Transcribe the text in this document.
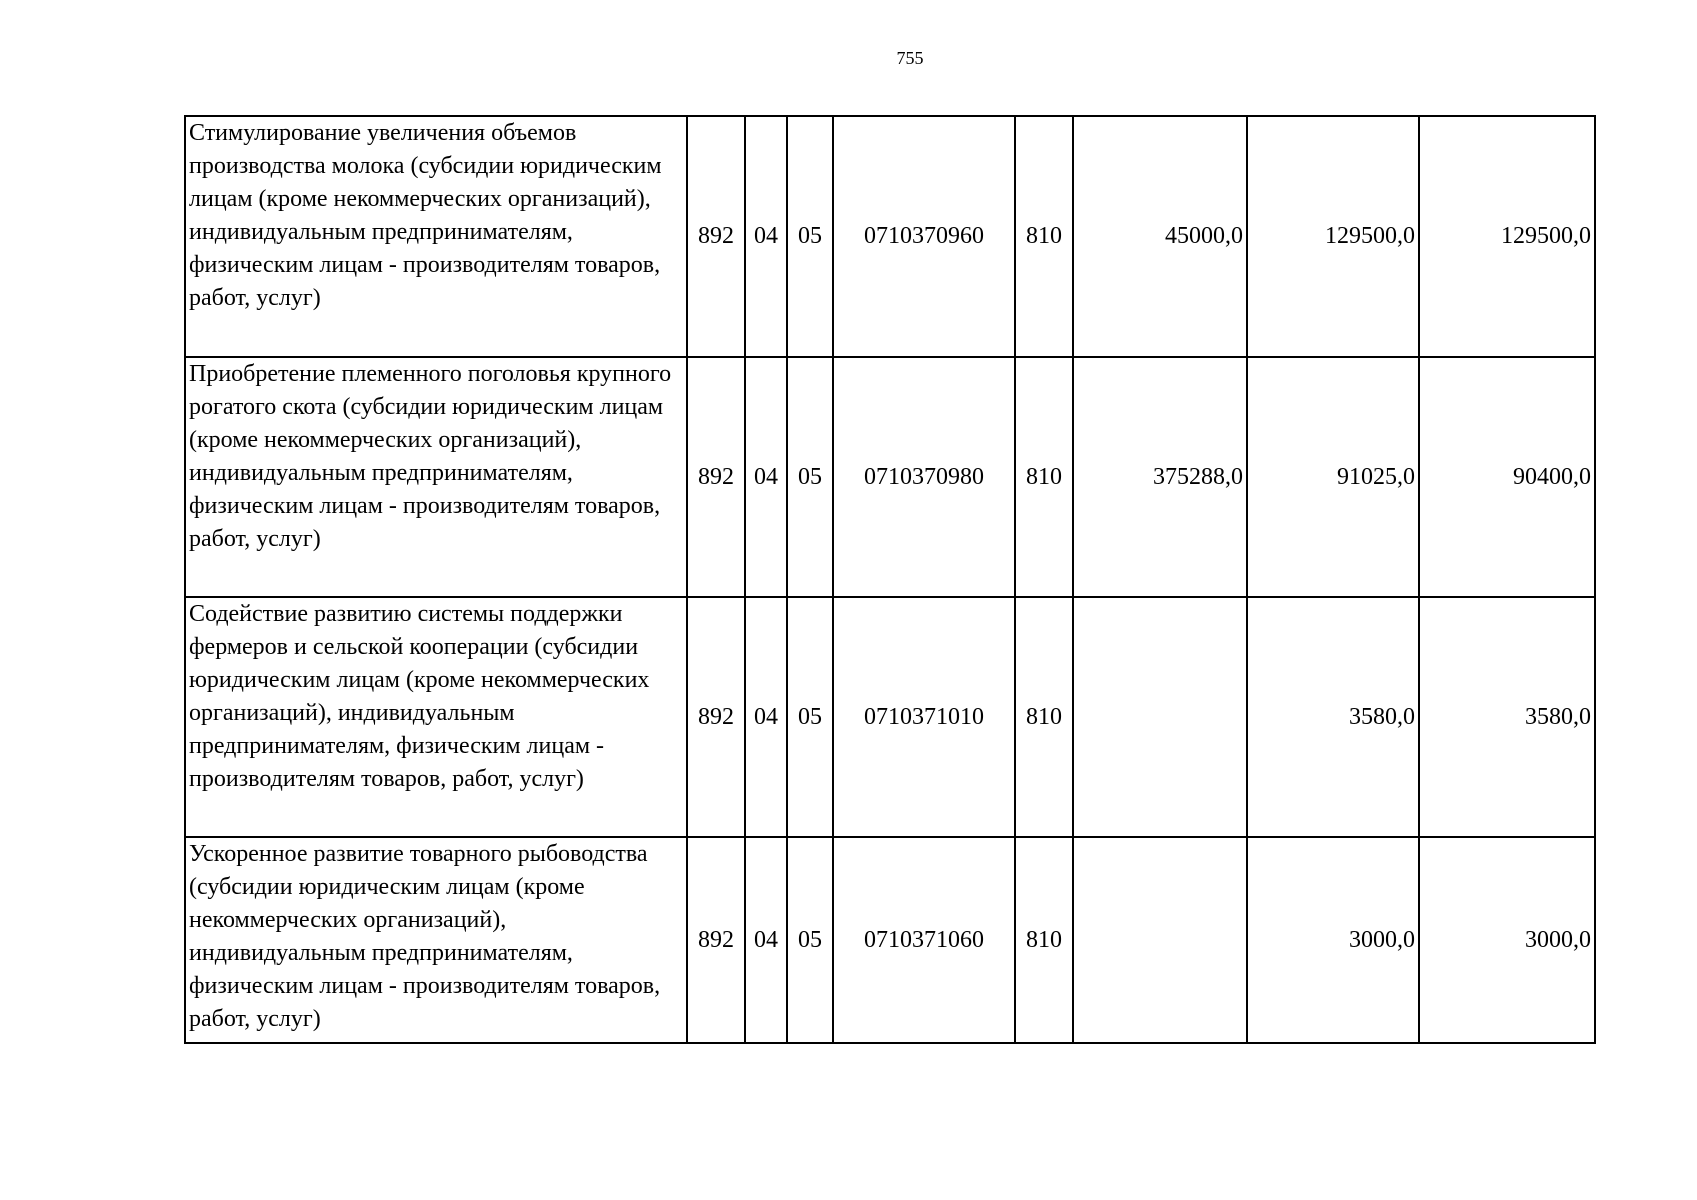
755
Стимулирование увеличения объемов производства молока (субсидии юридическим лицам (кроме некоммерческих организаций), индивидуальным предпринимателям, физическим лицам - производителям товаров, работ, услуг)	892	04	05	0710370960	810	45000,0	129500,0	129500,0
Приобретение племенного поголовья крупного рогатого скота (субсидии юридическим лицам (кроме некоммерческих организаций), индивидуальным предпринимателям, физическим лицам - производителям товаров, работ, услуг)	892	04	05	0710370980	810	375288,0	91025,0	90400,0
Содействие развитию системы поддержки фермеров и сельской кооперации (субсидии юридическим лицам (кроме некоммерческих организаций), индивидуальным предпринимателям, физическим лицам - производителям товаров, работ, услуг)	892	04	05	0710371010	810		3580,0	3580,0
Ускоренное развитие товарного рыбоводства (субсидии юридическим лицам (кроме некоммерческих организаций), индивидуальным предпринимателям, физическим лицам - производителям товаров, работ, услуг)	892	04	05	0710371060	810		3000,0	3000,0
